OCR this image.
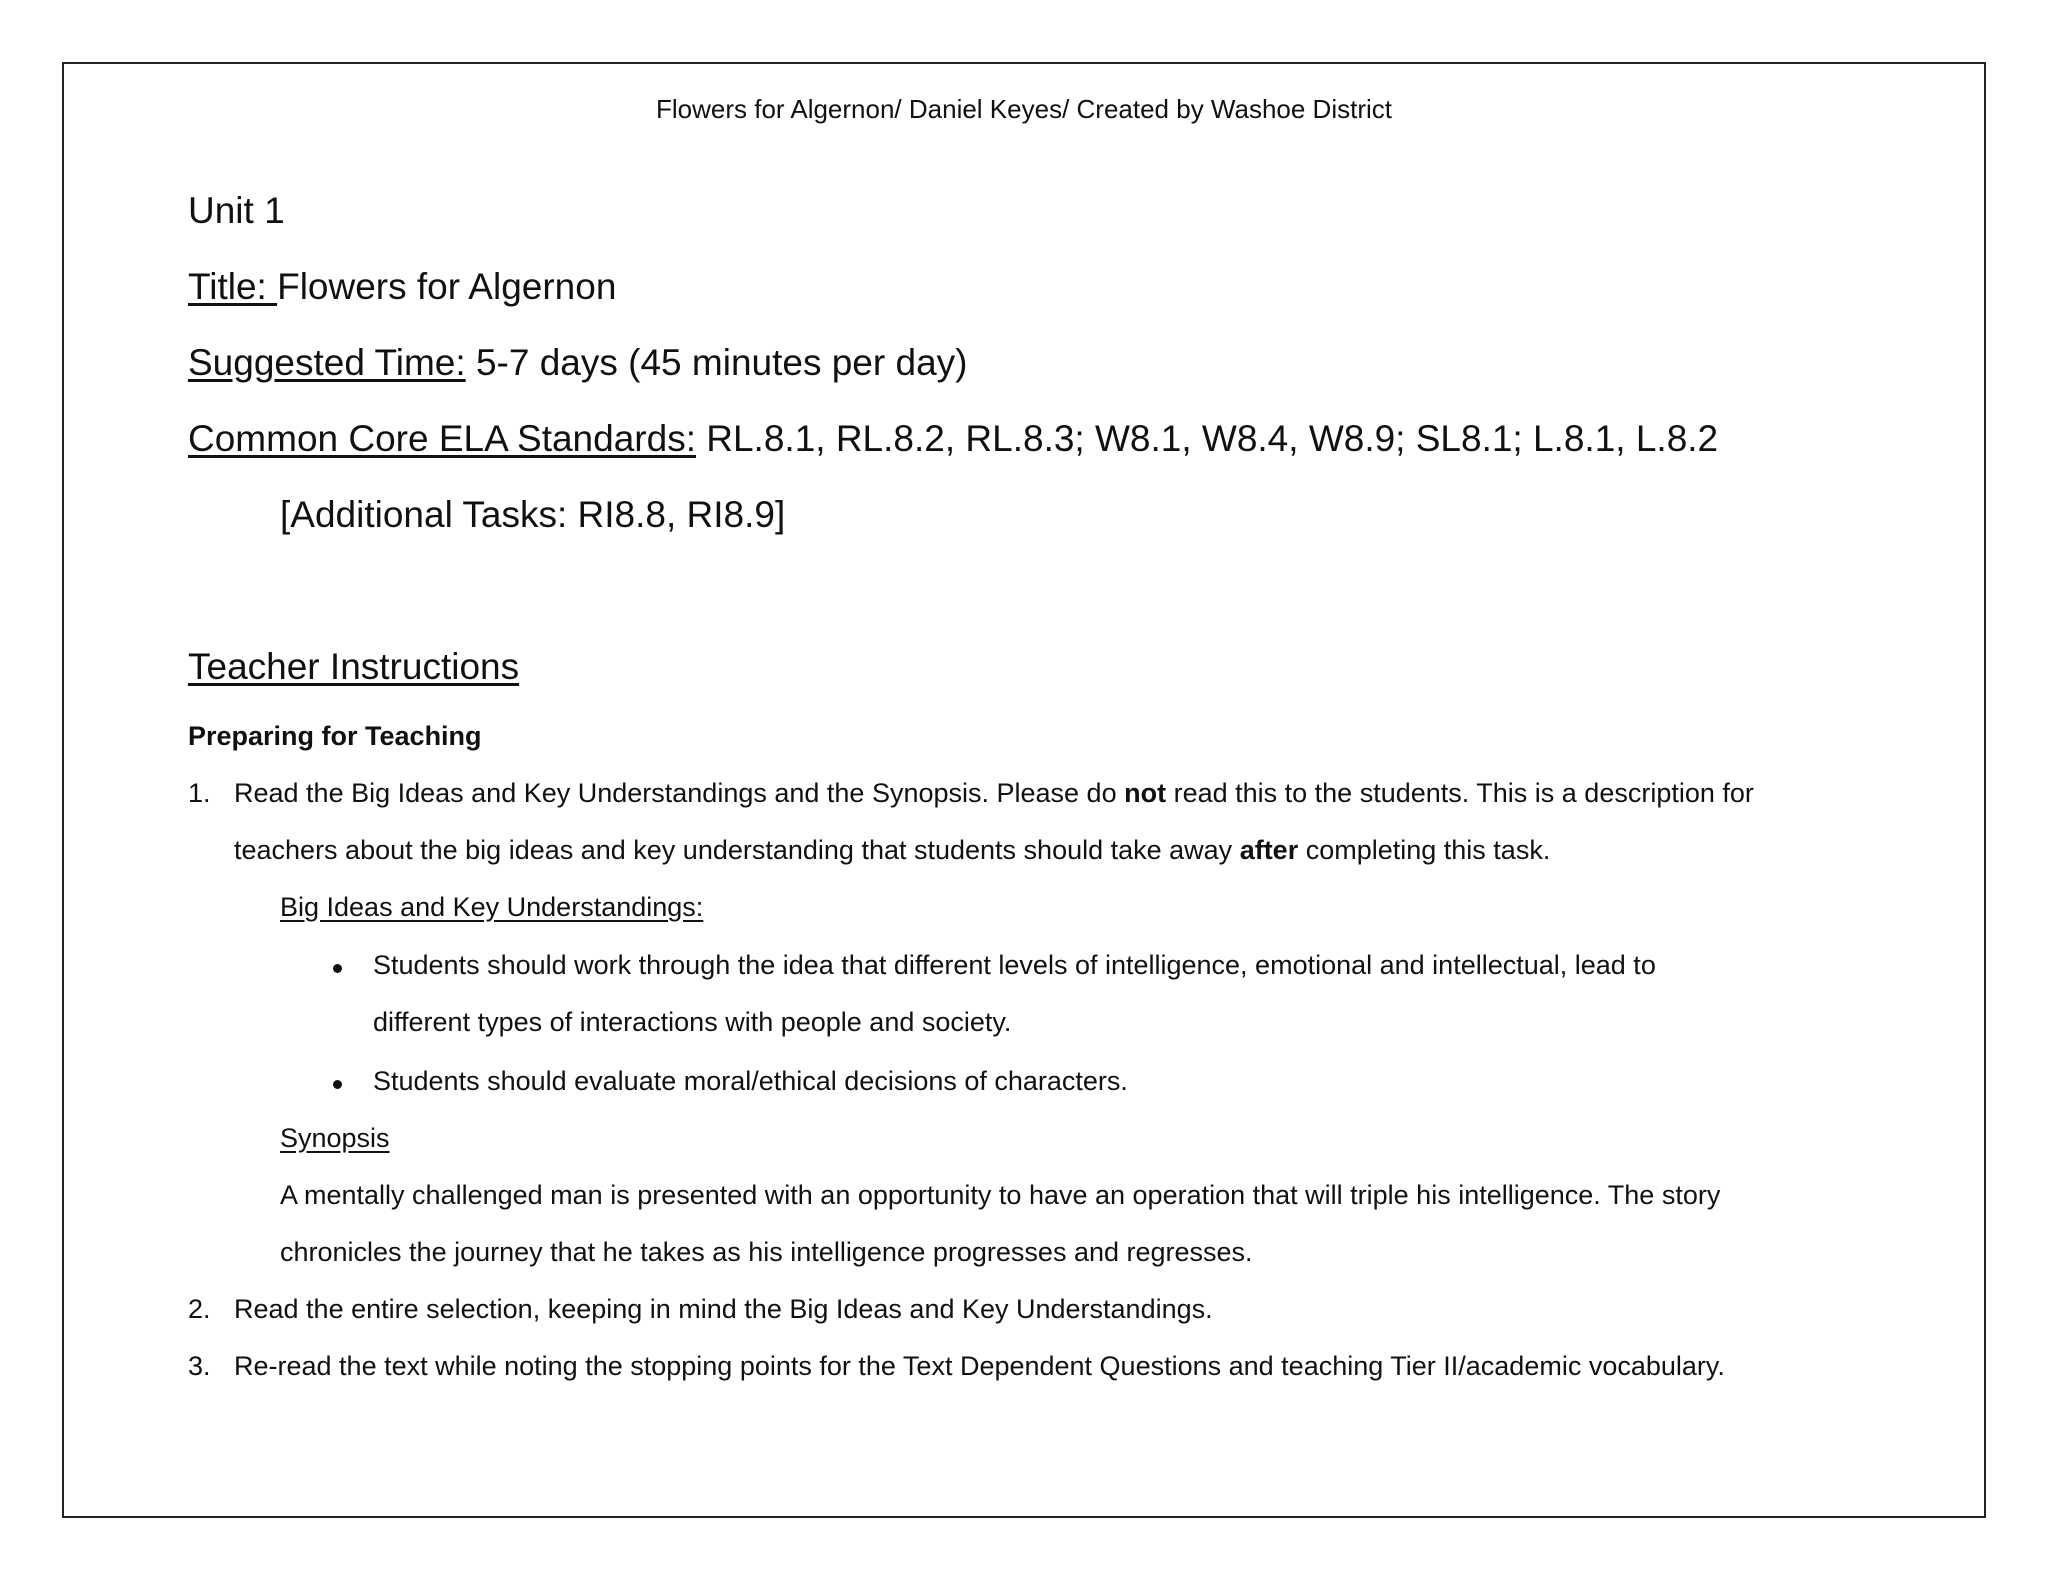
Flowers for Algernon/ Daniel Keyes/ Created by Washoe District
Unit 1
Title: Flowers for Algernon
Suggested Time: 5-7 days (45 minutes per day)
Common Core ELA Standards: RL.8.1, RL.8.2, RL.8.3; W8.1, W8.4, W8.9; SL8.1; L.8.1, L.8.2
[Additional Tasks: RI8.8, RI8.9]
Teacher Instructions
Preparing for Teaching
1. Read the Big Ideas and Key Understandings and the Synopsis. Please do not read this to the students. This is a description for
teachers about the big ideas and key understanding that students should take away after completing this task.
Big Ideas and Key Understandings:
Students should work through the idea that different levels of intelligence, emotional and intellectual, lead to
different types of interactions with people and society.
Students should evaluate moral/ethical decisions of characters.
Synopsis
A mentally challenged man is presented with an opportunity to have an operation that will triple his intelligence. The story
chronicles the journey that he takes as his intelligence progresses and regresses.
2. Read the entire selection, keeping in mind the Big Ideas and Key Understandings.
3. Re-read the text while noting the stopping points for the Text Dependent Questions and teaching Tier II/academic vocabulary.
